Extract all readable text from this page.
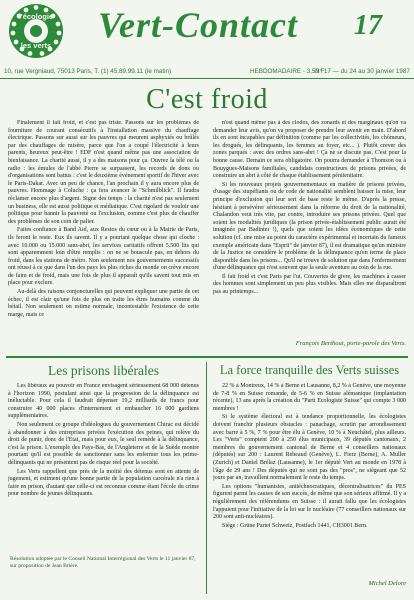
l'écologie
les verts
Vert-Contact 17
10, rue Vergniaud, 75013 Paris, T. (1) 45.89.99.11 (le matin)	HEBDOMADAIRE - 3,50 F
N° 17 — du 24 au 30 janvier 1987
C'est froid

Finalement il fait froid, et c'est pas triste. Passons sur les problèmes de fourniture de courant consécutifs à l'installation massive du chauffage électrique. Passons sur aussi sur les pauvres qui meurent asphyxiés ou brûlés par des chauffages de misère, parce que l'on a coupé l'électricité à leurs parents, heureux peut-être ! EDF n'est quand même pas une association de bienfaisance. La charité aussi, il y a des maisons pour ça. Ouvrez la télé ou la radio : les émules de l'abbé Pierre se surpassent, les records de dons ou d'organisations sont battus : c'est le deuxième événement sportif de l'hiver avec le Paris-Dakar. Avec un peu de chance, l'an prochain il y aura encore plus de pauvres. Hommage à Coluche : ça fera avancer le "Schmilblick". Il faudra réclamer encore plus d'argent. Signe des temps : la charité n'est pas seulement un business, elle est aussi politique et médiatique. C'est rigolard de vouloir une politique pour bannir la pauvreté ou l'exclusion, comme c'est plus de chauffer des problèmes de son coin de palier.

Faites confiance à Band Aid, aux Restos du cœur ou à la Mairie de Paris, ils feront le reste. Eux ils savent. Il y a pourtant quelque chose qui cloche : avec 10.000 ou 15.000 sans-abri, les services caritatifs offrent 5.500 lits qui sont apparemment loin d'être remplis : on ne se bouscule pas, en dehors du froid, dans les stations de métro. Non seulement nos gouvernements successifs ont réussi à ce que dans l'un des pays les plus riches du monde on crève encore de faim et de froid, mais une fois de plus il apparaît qu'ils savent tout mis en place pour exclure.

Au-delà des raisons conjoncturelles qui peuvent expliquer une partie de cet échec, il est clair qu'une fois de plus on traite les êtres humains comme du bétail. Non seulement on estime normale, incontestable l'existence de cette marge, mais ce

n'est quand même pas à des clodos, des zonards et des marginaux qu'on va demander leur avis, qu'on va proposer de prendre leur avenir en main. D'abord ils en sont incapables par définition (comme par les collectivités, les chômeurs, les drogués, les délinquants, les femmes au foyer, etc... ). Plutôt crever des zones parqués : avec des ordres sans-abri ! Ça ne se discute pas. C'est pour la bonne cause. Demain ce sera obligatoire. On pourra demander à Thomson ou à Bouygues-Maisons familiales, candidats constructeurs de prisons privées, de construire un abri à côté de chaque établissement pénitentiaire.

Si les nouveaux projets gouvernementaux en matière de prisons privées, d'usage des stupéfiants ou de code de nationalité semblent baisser la mise, leur principe d'exclusion qui leur sert de base reste le même. D'après la presse, hésitant à persévérer sérieusement dans la réforme du droit de la nationalité, Chalandon veut très vite, par contre, introduire ses prisons privées. Quel que soient les modalités juridiques (la prison privée-établissement public aurait été imaginée par Badinter !), quels que soient les idées économiques de cette solution (cf. une mise au point du caractère expérimental et incertain du fameux exemple américain dans "Esprit" de janvier 87), il est dramatique qu'un ministre de la Justice ne considère le problème de la délinquance qu'en terme de place disponible dans les prisons... Qu'il ne trouve de solution que dans l'enfermement d'une délinquance qui n'est souvent que la seule aventure au coin de la rue.

Il fait froid et c'est Paris par l'ut. Couvertes de givre, les machines à casser des hommes sont simplement un peu plus visibles. Mais elles me disparaîtront pas au printemps...

François Berthout, porte-parole des Verts.
Les prisons libérales

Les libéraux au pouvoir en France envisagent sérieusement 68 000 détenus à l'horizon 1990, postulant ainsi que la progression de la délinquance est inéluctable. Pour cela il faudrait dépenser 19,2 milliards de francs pour construire 40 000 places d'internement et embaucher 16 000 gardiens supplémentaires.

Non seulement ce groupe d'idéologues du gouvernement Chirac est décidé à abandonner à des entreprises privées l'exécution des peines, qui relève du droit de punir, donc de l'Etat, mais pour eux, le seul remède à la délinquance, c'est la prison. L'exemple des Pays-Bas, de l'Angleterre et de la Suède montre pourtant qu'il est possible de sanctionner sans les enfermer tous les prime-délinquants qui ne présentent pas de risque réel pour la société.

Les Verts rappellent que près de la moitié des détenus sont en attente de jugement, et estiment qu'une bonne partie de la population carcérale n'a rien à faire en prison, d'autant que celle-ci est reconnue comme étant l'école du crime pour nombre de jeunes délinquants.

Résolution adoptée par le Conseil National Interrégional des Verts le 11 janvier 87, sur proposition de Jean Brière.
La force tranquille des Verts suisses

22 % à Montreux, 14 % à Berne et Lausanne, 8,2 % à Genève, une moyenne de 7-8 % en Suisse romande, de 5-6 % en Suisse alémanique (implantation récente), 13 ans après la création du "Parti Ecologiste Suisse" qui compte 3 000 membres !

Si le système électoral est à tendance proportionnelle, les écologistes doivent franchir plusieurs obstacles : panachage, scrutin par arrondissement avec barre à 5 %, 7 % pour être élu à Genève, 10 % à Neuchâtel, plus ailleurs. Les "Verts" comptent 200 à 250 élus municipaux, 39 députés cantonaux, 2 membres du gouvernement cantonal de Berne et 4 conseillers nationaux (députés) sur 200 : Laurent Rebeaud (Genève), L. Fierz (Berne), A. Muller (Zurich) et Daniel Brélaz (Lausanne), le 1er député Vert au monde en 1978 à l'âge de 29 ans ! Des députés qui ne sont pas des "pros", ne siègeant que 52 jours par an, travaillent normalement le reste du temps.

Les options "humanistes, antiéchnocratiques, décentralisatrices" du PES figurent parmi les causes de son succès, de même que son sérieux affirmé. Il y a régulièrement des référendums en Suisse : il aurait fallu que les écologistes l'appuient pour l'initiative de la loi sur le nucléaire (77 conseillers nationaux sur 200 sont anti-nucléaires).

Siège : Grüne Partei Schweiz, Postfach 1441, CH3001 Bern.

Michel Delore
